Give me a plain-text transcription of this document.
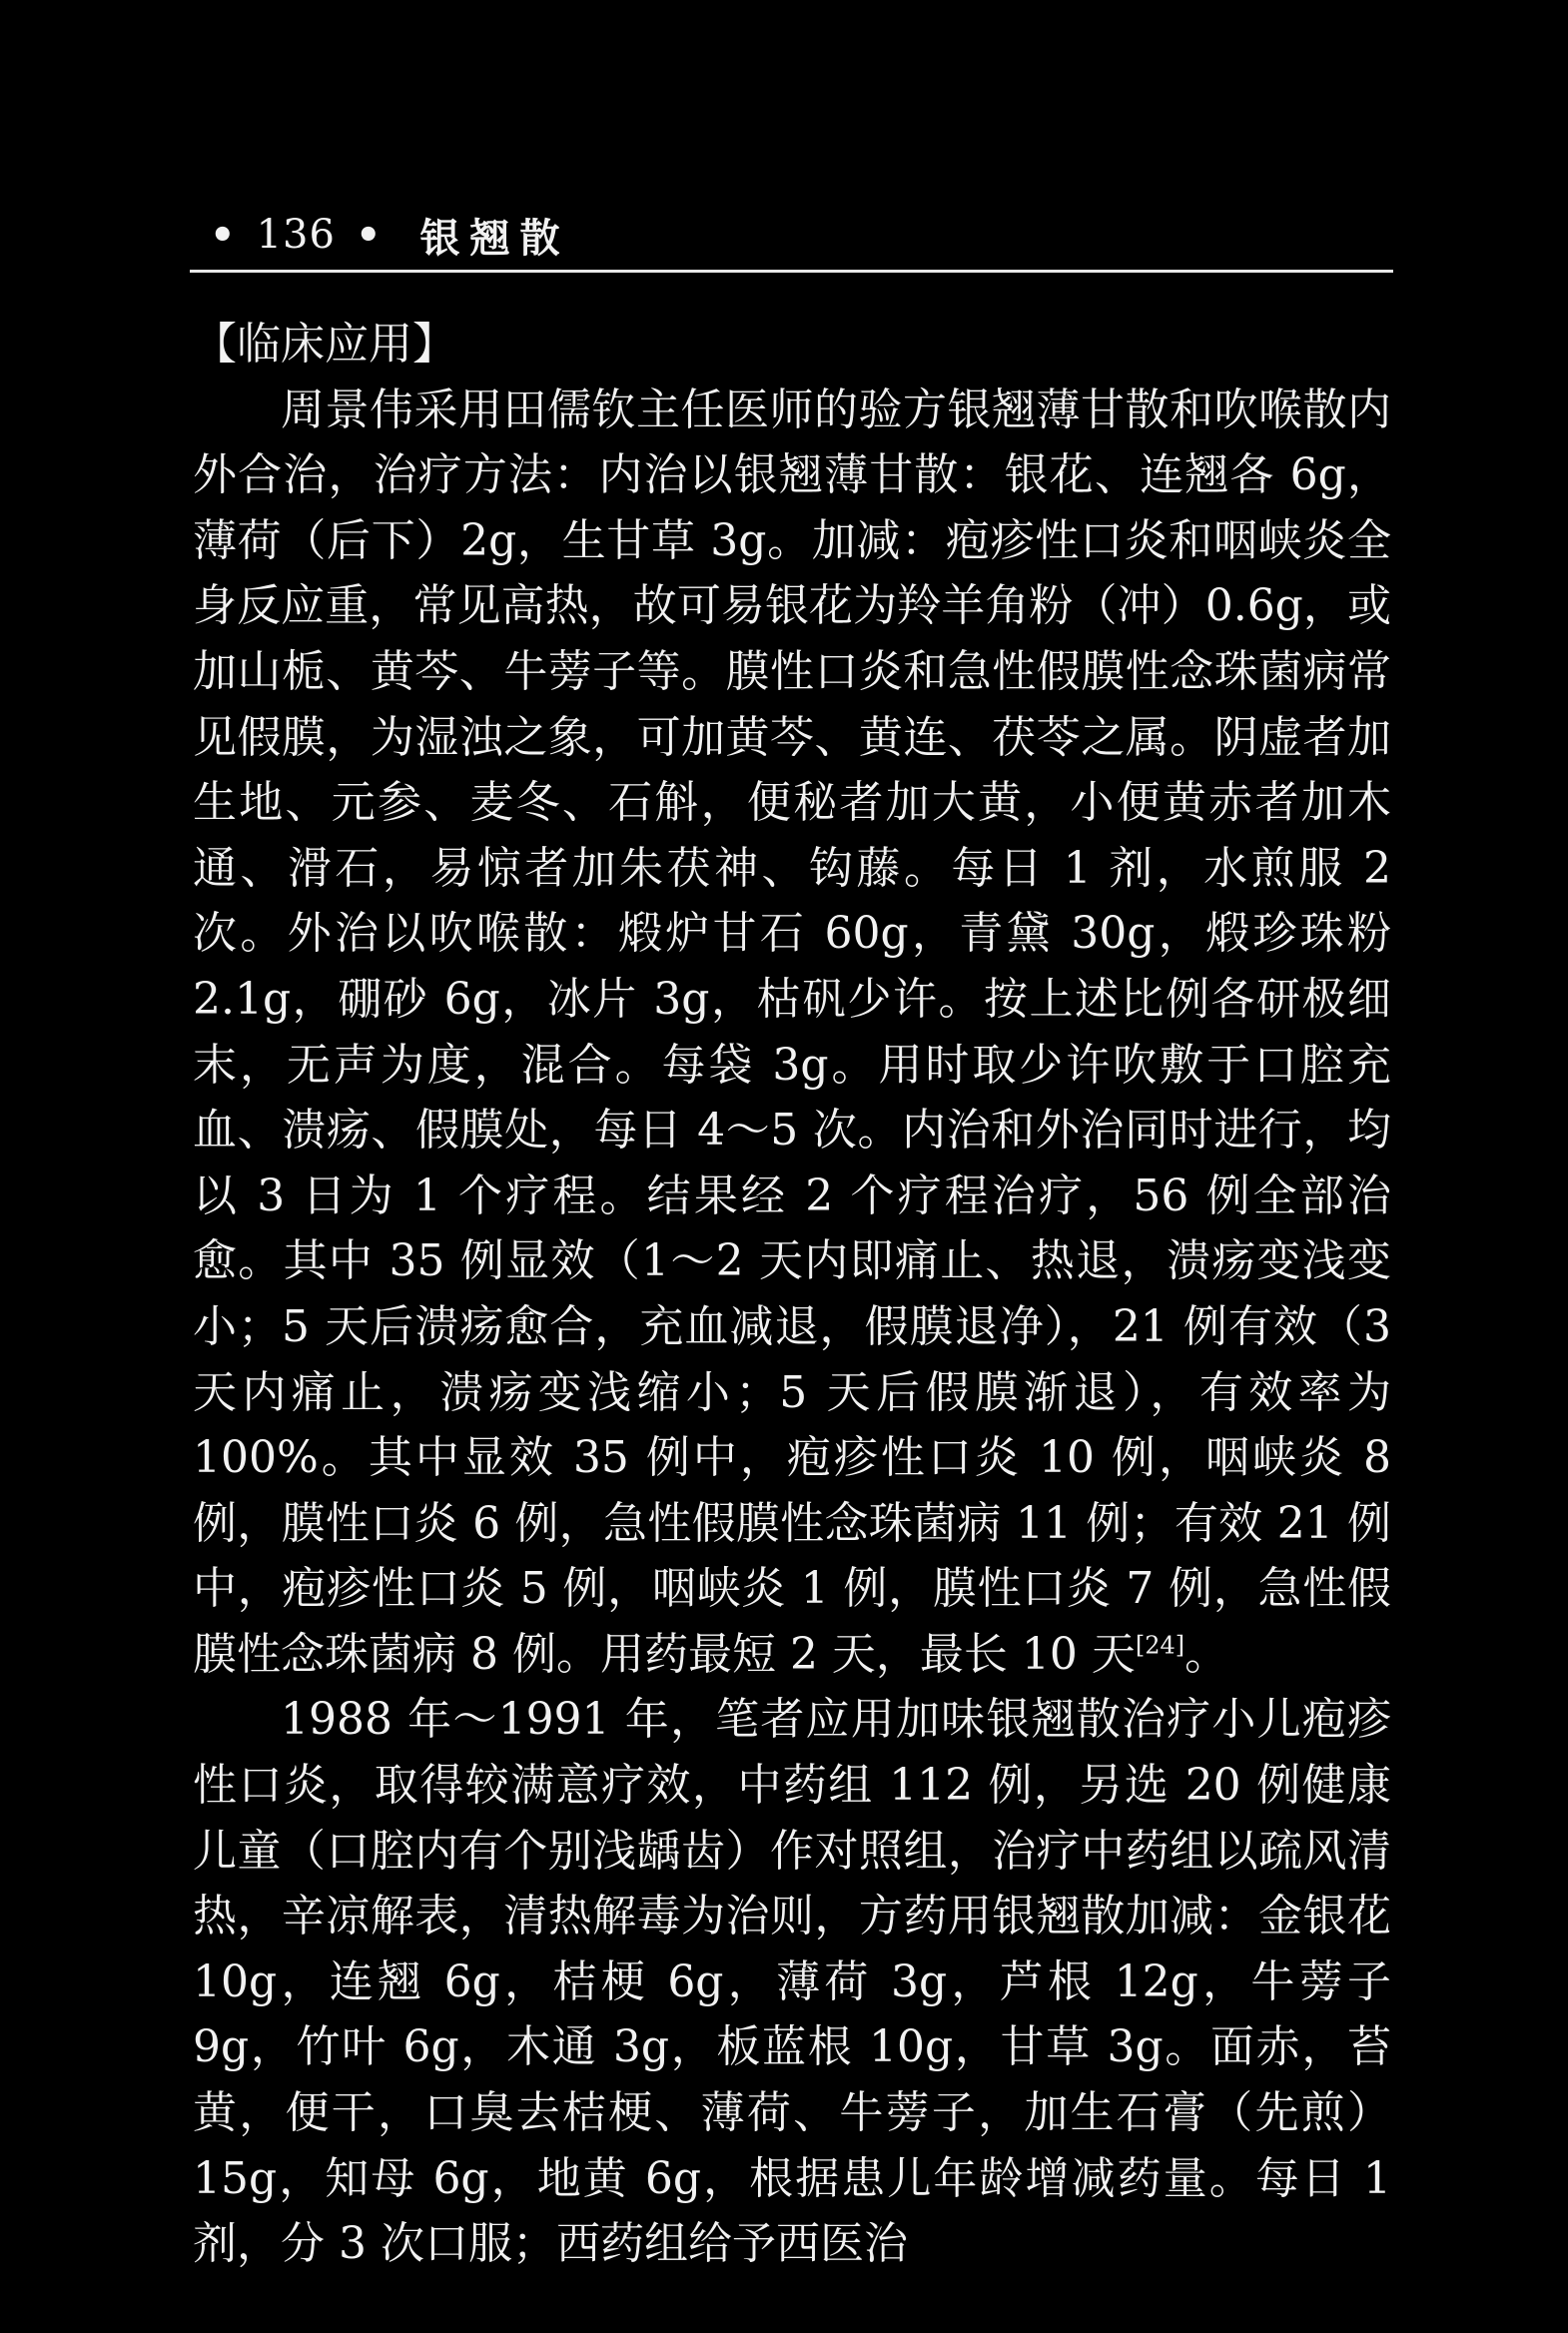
• 136 • 银翘散

【临床应用】

周景伟采用田儒钦主任医师的验方银翘薄甘散和吹喉散内外合治，治疗方法：内治以银翘薄甘散：银花、连翘各 6g，薄荷（后下）2g，生甘草 3g。加减：疱疹性口炎和咽峡炎全身反应重，常见高热，故可易银花为羚羊角粉（冲）0.6g，或加山栀、黄芩、牛蒡子等。膜性口炎和急性假膜性念珠菌病常见假膜，为湿浊之象，可加黄芩、黄连、茯苓之属。阴虚者加生地、元参、麦冬、石斛，便秘者加大黄，小便黄赤者加木通、滑石，易惊者加朱茯神、钩藤。每日 1 剂，水煎服 2 次。外治以吹喉散：煅炉甘石 60g，青黛 30g，煅珍珠粉 2.1g，硼砂 6g，冰片 3g，枯矾少许。按上述比例各研极细末，无声为度，混合。每袋 3g。用时取少许吹敷于口腔充血、溃疡、假膜处，每日 4～5 次。内治和外治同时进行，均以 3 日为 1 个疗程。结果经 2 个疗程治疗，56 例全部治愈。其中 35 例显效（1～2 天内即痛止、热退，溃疡变浅变小；5 天后溃疡愈合，充血减退，假膜退净），21 例有效（3 天内痛止，溃疡变浅缩小；5 天后假膜渐退），有效率为 100%。其中显效 35 例中，疱疹性口炎 10 例，咽峡炎 8 例，膜性口炎 6 例，急性假膜性念珠菌病 11 例；有效 21 例中，疱疹性口炎 5 例，咽峡炎 1 例，膜性口炎 7 例，急性假膜性念珠菌病 8 例。用药最短 2 天，最长 10 天[24]。

1988 年～1991 年，笔者应用加味银翘散治疗小儿疱疹性口炎，取得较满意疗效，中药组 112 例，另选 20 例健康儿童（口腔内有个别浅龋齿）作对照组，治疗中药组以疏风清热，辛凉解表，清热解毒为治则，方药用银翘散加减：金银花 10g，连翘 6g，桔梗 6g，薄荷 3g，芦根 12g，牛蒡子 9g，竹叶 6g，木通 3g，板蓝根 10g，甘草 3g。面赤，苔黄，便干，口臭去桔梗、薄荷、牛蒡子，加生石膏（先煎）15g，知母 6g，地黄 6g，根据患儿年龄增减药量。每日 1 剂，分 3 次口服；西药组给予西医治
